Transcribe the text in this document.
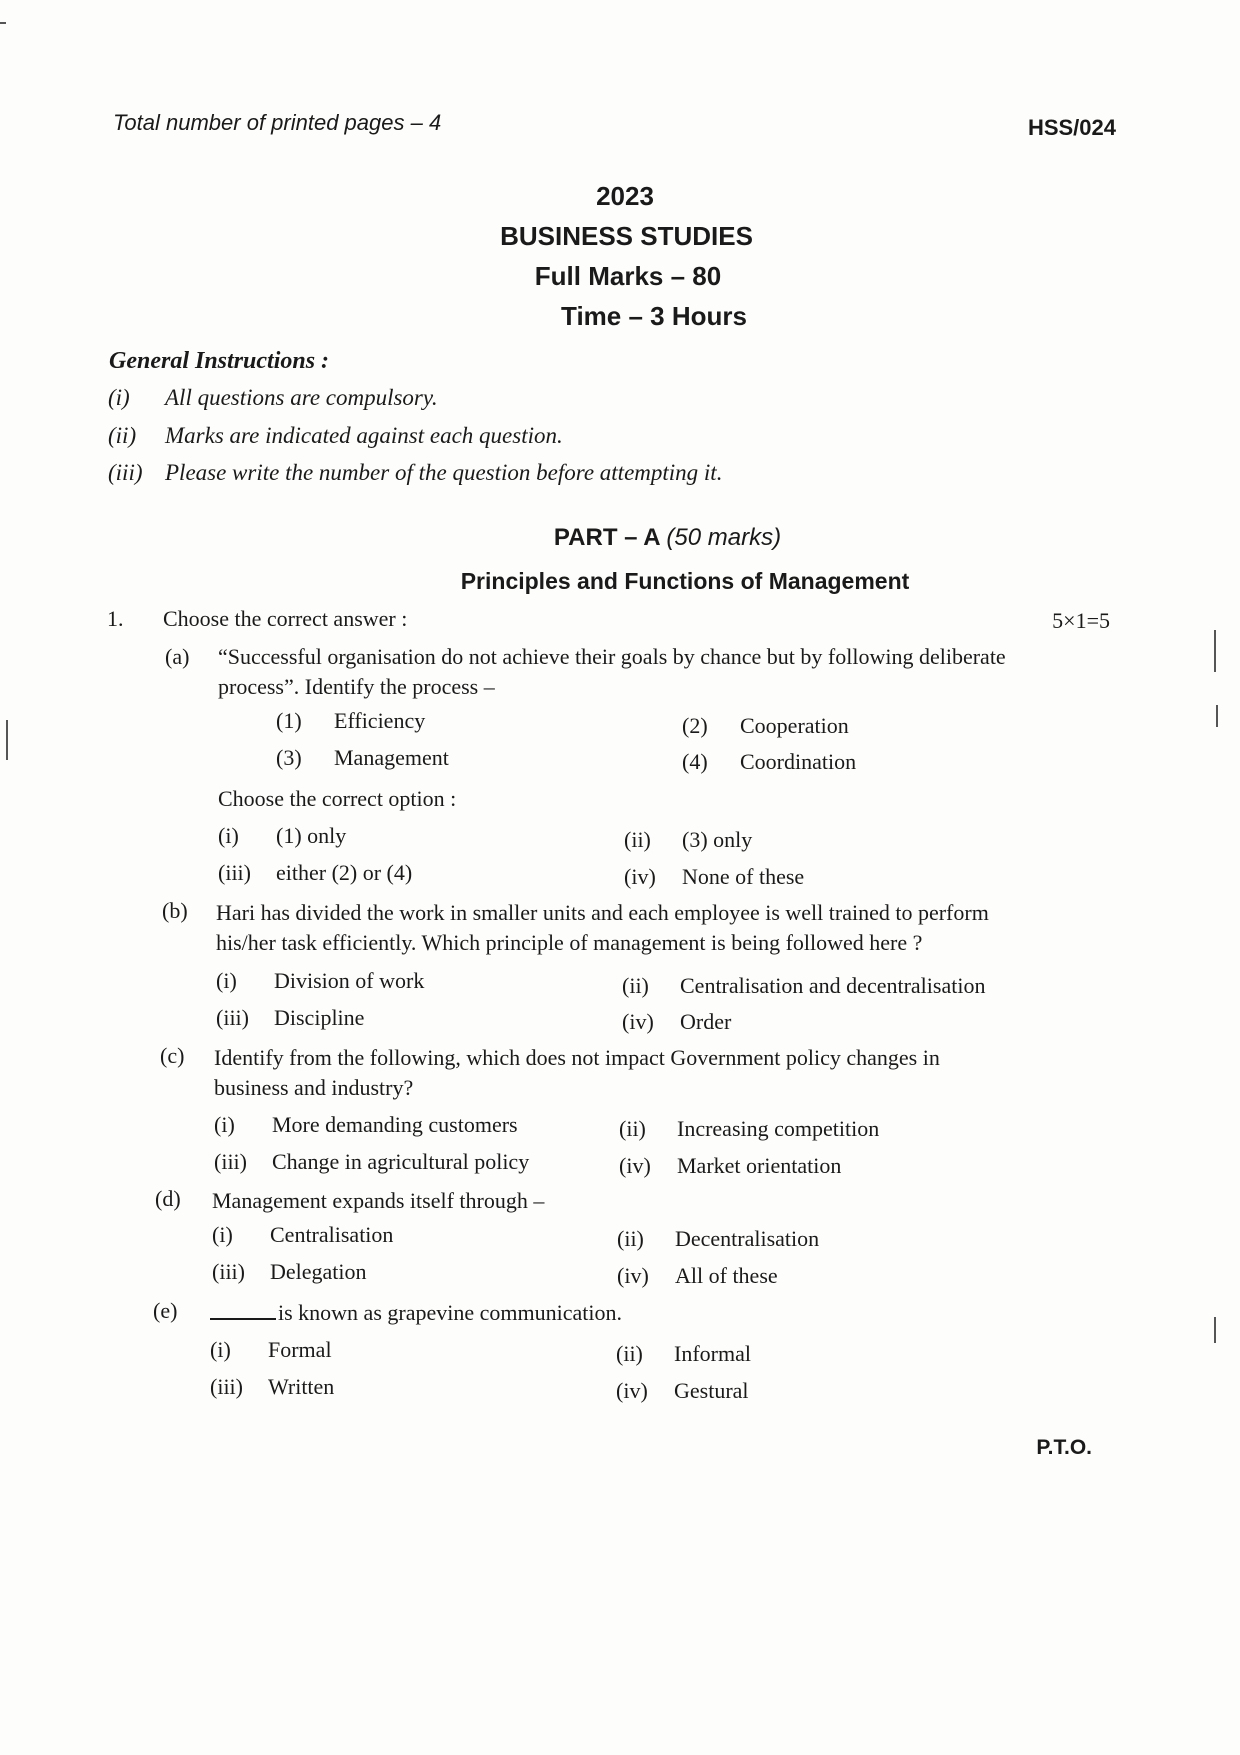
Total number of printed pages – 4	HSS/024
2023
BUSINESS STUDIES
Full Marks – 80
Time – 3 Hours
General Instructions :
(i) All questions are compulsory.
(ii) Marks are indicated against each question.
(iii) Please write the number of the question before attempting it.
PART – A (50 marks)
Principles and Functions of Management
1. Choose the correct answer :	5×1=5
(a) “Successful organisation do not achieve their goals by chance but by following deliberate
process”. Identify the process –
(1) Efficiency	(2) Cooperation
(3) Management	(4) Coordination
Choose the correct option :
(i) (1) only	(ii) (3) only
(iii) either (2) or (4)	(iv) None of these
(b) Hari has divided the work in smaller units and each employee is well trained to perform
his/her task efficiently. Which principle of management is being followed here ?
(i) Division of work	(ii) Centralisation and decentralisation
(iii) Discipline	(iv) Order
(c) Identify from the following, which does not impact Government policy changes in
business and industry?
(i) More demanding customers	(ii) Increasing competition
(iii) Change in agricultural policy	(iv) Market orientation
(d) Management expands itself through –
(i) Centralisation	(ii) Decentralisation
(iii) Delegation	(iv) All of these
(e)	is known as grapevine communication.
(i) Formal	(ii) Informal
(iii) Written	(iv) Gestural
P.T.O.
